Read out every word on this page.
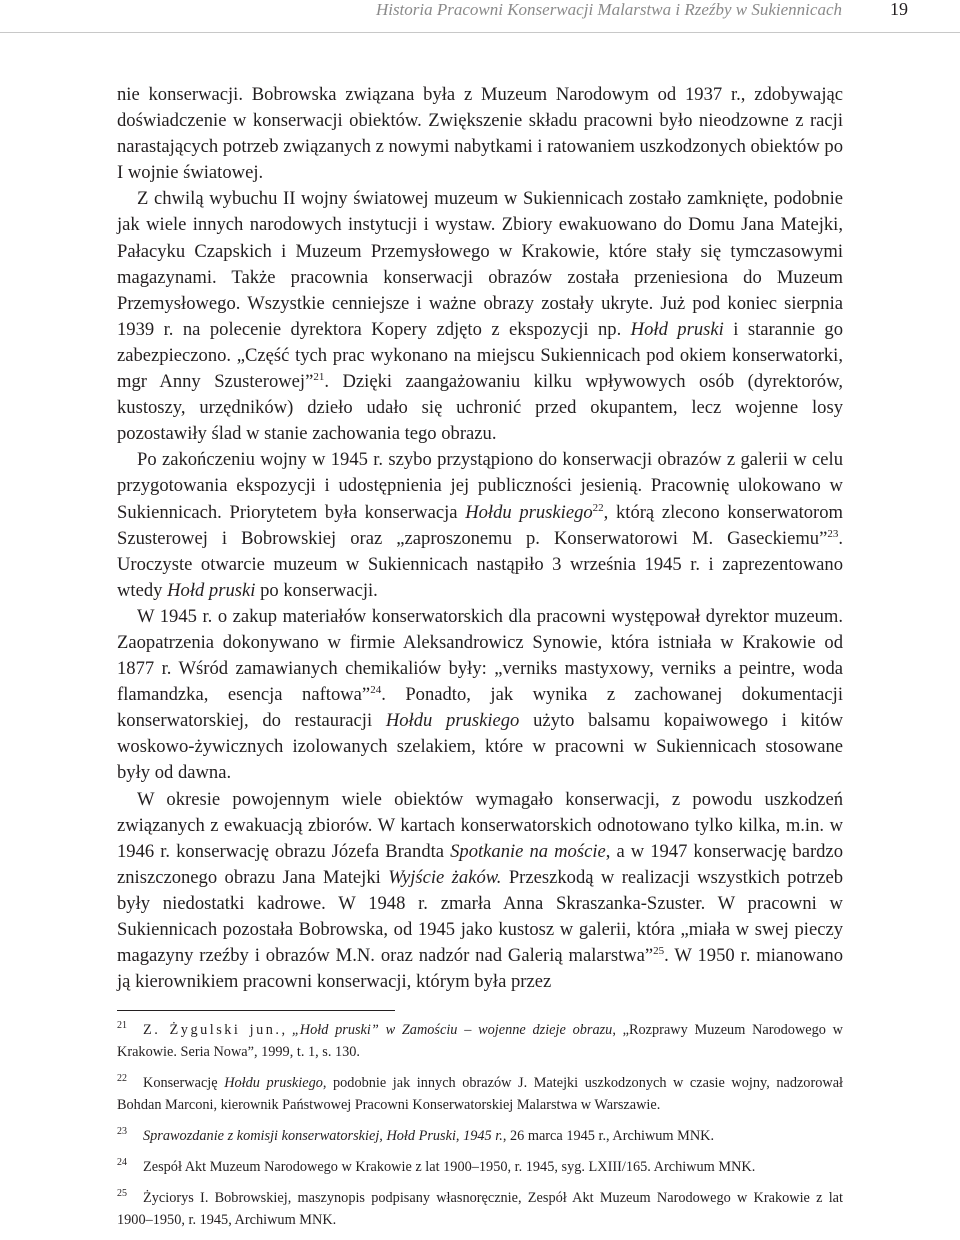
Historia Pracowni Konserwacji Malarstwa i Rzeźby w Sukiennicach	19

nie konserwacji. Bobrowska związana była z Muzeum Narodowym od 1937 r., zdobywając doświadczenie w konserwacji obiektów. Zwiększenie składu pracowni było nieodzowne z racji narastających potrzeb związanych z nowymi nabytkami i ratowaniem uszkodzonych obiektów po I wojnie światowej.

Z chwilą wybuchu II wojny światowej muzeum w Sukiennicach zostało zamknięte, podobnie jak wiele innych narodowych instytucji i wystaw. Zbiory ewakuowano do Domu Jana Matejki, Pałacyku Czapskich i Muzeum Przemysłowego w Krakowie, które stały się tymczasowymi magazynami. Także pracownia konserwacji obrazów została przeniesiona do Muzeum Przemysłowego. Wszystkie cenniejsze i ważne obrazy zostały ukryte. Już pod koniec sierpnia 1939 r. na polecenie dyrektora Kopery zdjęto z ekspozycji np. Hołd pruski i starannie go zabezpieczono. „Część tych prac wykonano na miejscu Sukiennicach pod okiem konserwatorki, mgr Anny Szusterowej”$^{21}$. Dzięki zaangażowaniu kilku wpływowych osób (dyrektorów, kustoszy, urzędników) dzieło udało się uchronić przed okupantem, lecz wojenne losy pozostawiły ślad w stanie zachowania tego obrazu.

Po zakończeniu wojny w 1945 r. szybo przystąpiono do konserwacji obrazów z galerii w celu przygotowania ekspozycji i udostępnienia jej publiczności jesienią. Pracownię ulokowano w Sukiennicach. Priorytetem była konserwacja Hołdu pruskiego$^{22}$, którą zlecono konserwatorom Szusterowej i Bobrowskiej oraz „zaproszonemu p. Konserwatorowi M. Gaseckiemu”$^{23}$. Uroczyste otwarcie muzeum w Sukiennicach nastąpiło 3 września 1945 r. i zaprezentowano wtedy Hołd pruski po konserwacji.

W 1945 r. o zakup materiałów konserwatorskich dla pracowni występował dyrektor muzeum. Zaopatrzenia dokonywano w firmie Aleksandrowicz Synowie, która istniała w Krakowie od 1877 r. Wśród zamawianych chemikaliów były: „verniks mastyxowy, verniks a peintre, woda flamandzka, esencja naftowa”$^{24}$. Ponadto, jak wynika z zachowanej dokumentacji konserwatorskiej, do restauracji Hołdu pruskiego użyto balsamu kopaiwowego i kitów woskowo-żywicznych izolowanych szelakiem, które w pracowni w Sukiennicach stosowane były od dawna.

W okresie powojennym wiele obiektów wymagało konserwacji, z powodu uszkodzeń związanych z ewakuacją zbiorów. W kartach konserwatorskich odnotowano tylko kilka, m.in. w 1946 r. konserwację obrazu Józefa Brandta Spotkanie na moście, a w 1947 konserwację bardzo zniszczonego obrazu Jana Matejki Wyjście żaków. Przeszkodą w realizacji wszystkich potrzeb były niedostatki kadrowe. W 1948 r. zmarła Anna Skraszanka-Szuster. W pracowni w Sukiennicach pozostała Bobrowska, od 1945 jako kustosz w galerii, która „miała w swej pieczy magazyny rzeźby i obrazów M.N. oraz nadzór nad Galerią malarstwa”$^{25}$. W 1950 r. mianowano ją kierownikiem pracowni konserwacji, którym była przez

$^{21}$ Z. Żygulski jun., „Hołd pruski” w Zamościu – wojenne dzieje obrazu, „Rozprawy Muzeum Narodowego w Krakowie. Seria Nowa”, 1999, t. 1, s. 130.

$^{22}$ Konserwację Hołdu pruskiego, podobnie jak innych obrazów J. Matejki uszkodzonych w czasie wojny, nadzorował Bohdan Marconi, kierownik Państwowej Pracowni Konserwatorskiej Malarstwa w Warszawie.

$^{23}$ Sprawozdanie z komisji konserwatorskiej, Hołd Pruski, 1945 r., 26 marca 1945 r., Archiwum MNK.

$^{24}$ Zespół Akt Muzeum Narodowego w Krakowie z lat 1900–1950, r. 1945, syg. LXIII/165. Archiwum MNK.

$^{25}$ Życiorys I. Bobrowskiej, maszynopis podpisany własnoręcznie, Zespół Akt Muzeum Narodowego w Krakowie z lat 1900–1950, r. 1945, Archiwum MNK.
